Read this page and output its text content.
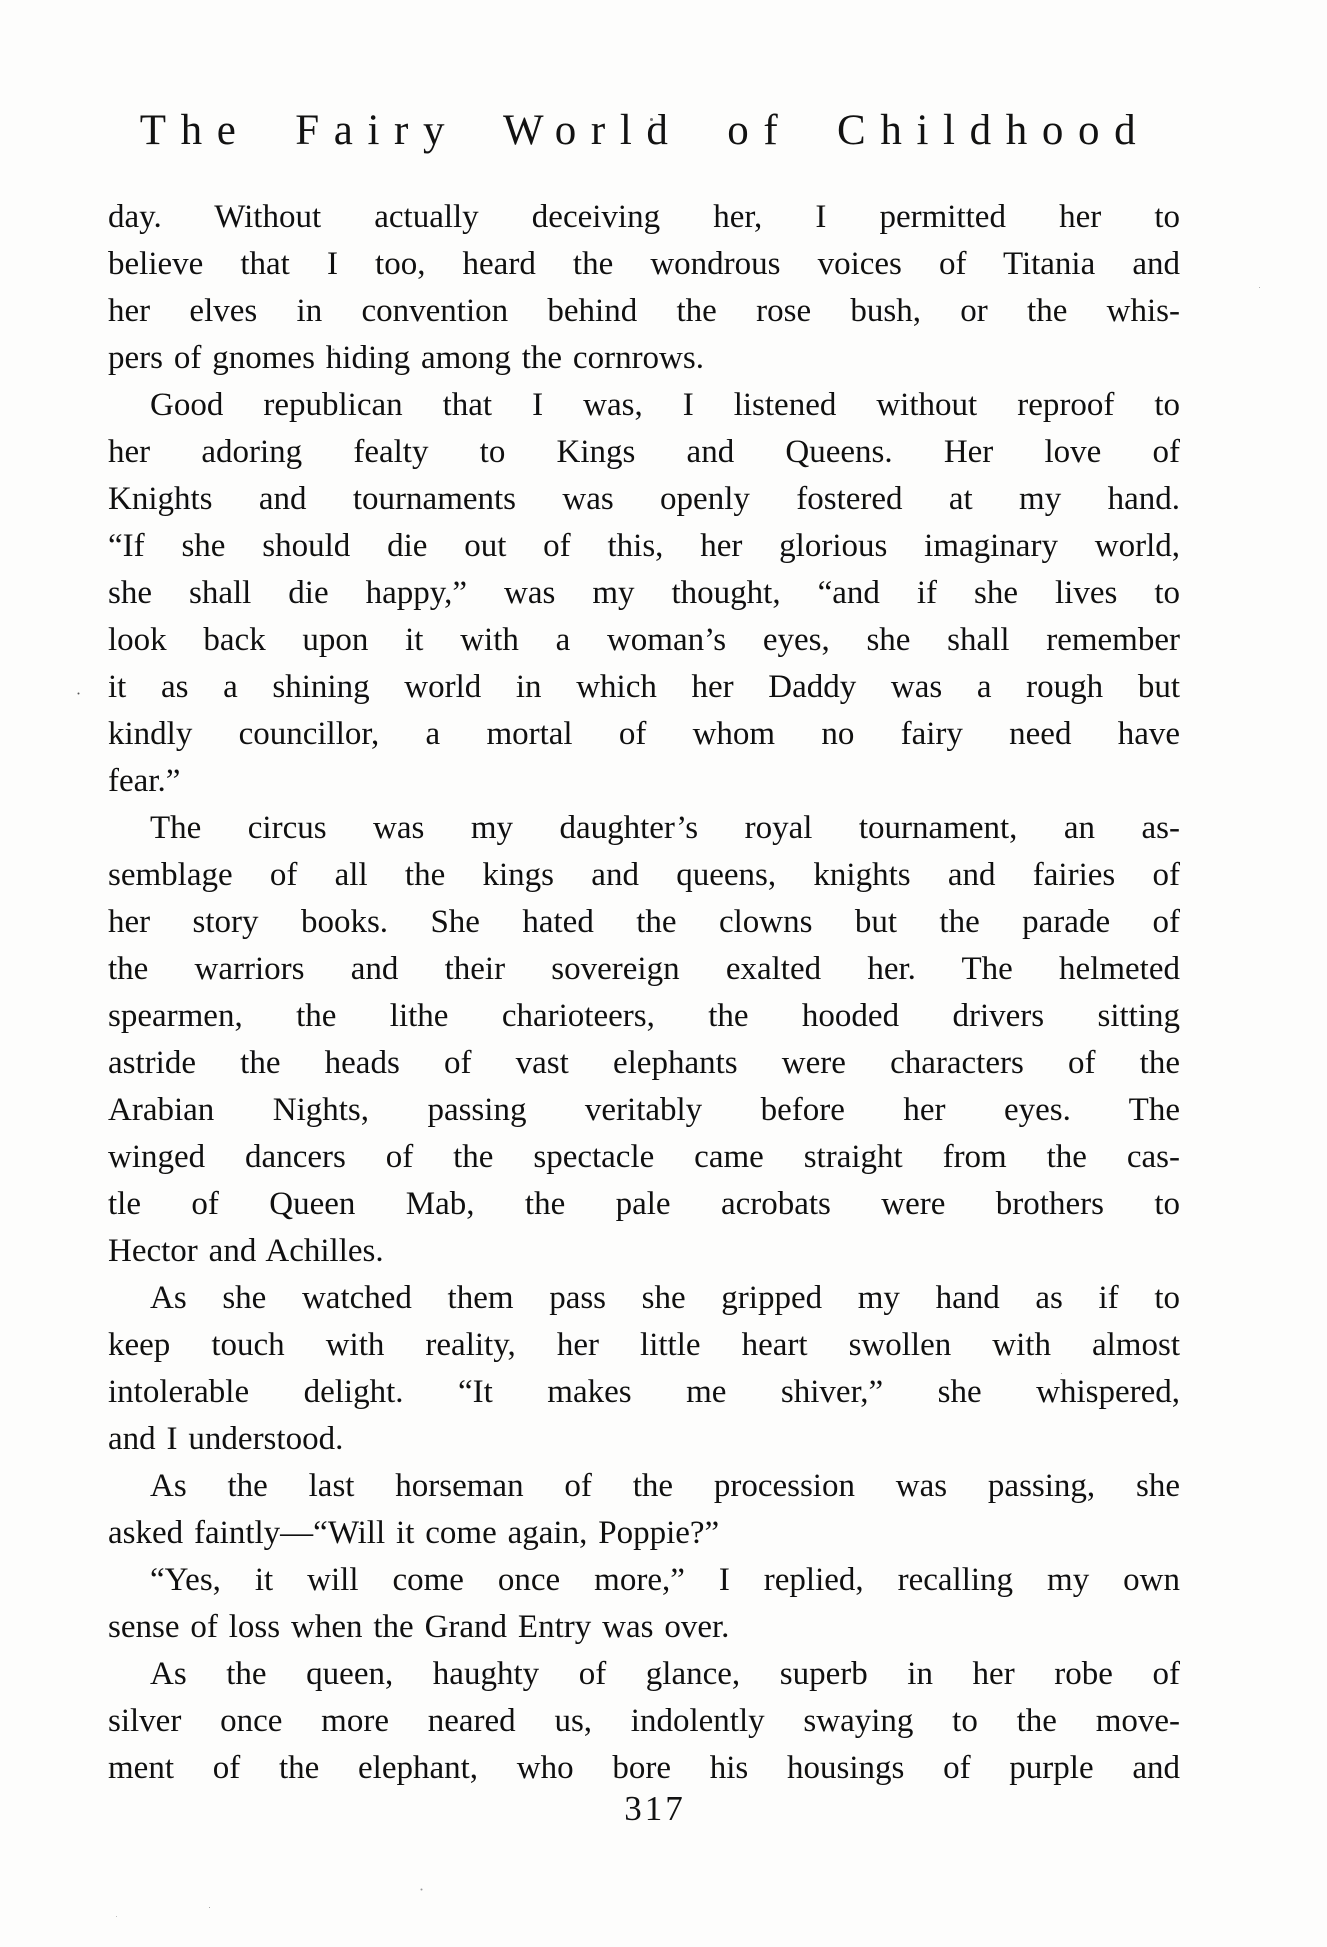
The Fairy World of Childhood
day. Without actually deceiving her, I permitted her to
believe that I too, heard the wondrous voices of Titania and
her elves in convention behind the rose bush, or the whis-
pers of gnomes hiding among the cornrows.
Good republican that I was, I listened without reproof to
her adoring fealty to Kings and Queens. Her love of
Knights and tournaments was openly fostered at my hand.
“If she should die out of this, her glorious imaginary world,
she shall die happy,” was my thought, “and if she lives to
look back upon it with a woman’s eyes, she shall remember
it as a shining world in which her Daddy was a rough but
kindly councillor, a mortal of whom no fairy need have
fear.”
The circus was my daughter’s royal tournament, an as-
semblage of all the kings and queens, knights and fairies of
her story books. She hated the clowns but the parade of
the warriors and their sovereign exalted her. The helmeted
spearmen, the lithe charioteers, the hooded drivers sitting
astride the heads of vast elephants were characters of the
Arabian Nights, passing veritably before her eyes. The
winged dancers of the spectacle came straight from the cas-
tle of Queen Mab, the pale acrobats were brothers to
Hector and Achilles.
As she watched them pass she gripped my hand as if to
keep touch with reality, her little heart swollen with almost
intolerable delight. “It makes me shiver,” she whispered,
and I understood.
As the last horseman of the procession was passing, she
asked faintly—“Will it come again, Poppie?”
“Yes, it will come once more,” I replied, recalling my own
sense of loss when the Grand Entry was over.
As the queen, haughty of glance, superb in her robe of
silver once more neared us, indolently swaying to the move-
ment of the elephant, who bore his housings of purple and
317
